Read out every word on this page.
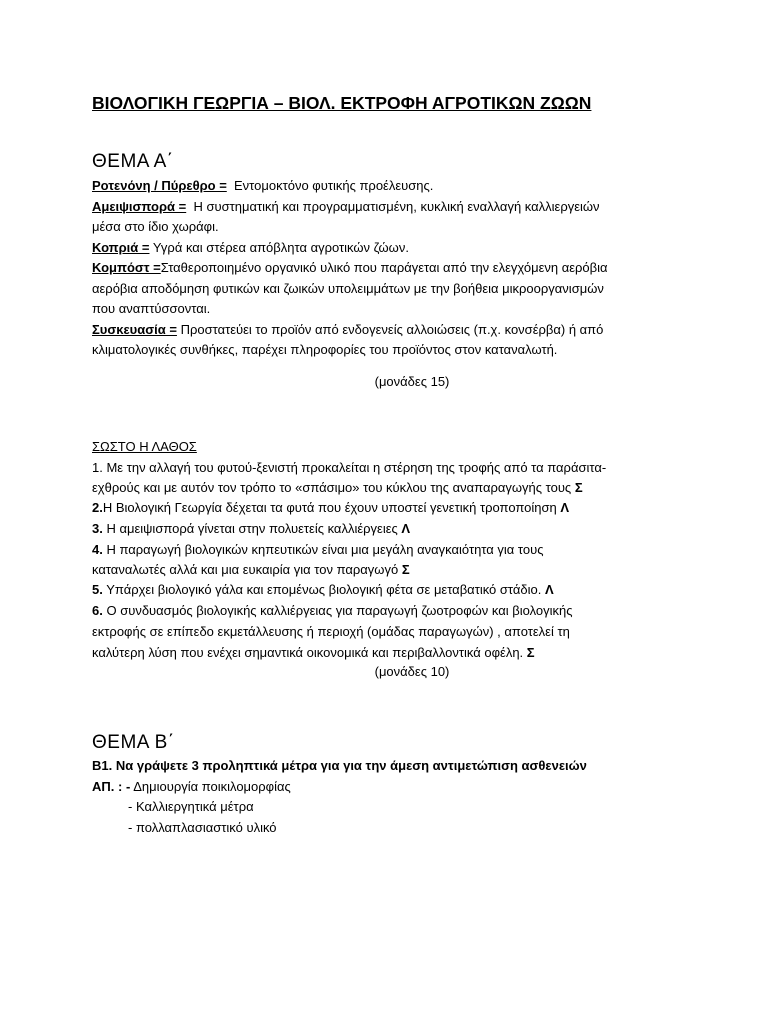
ΒΙΟΛΟΓΙΚΗ ΓΕΩΡΓΙΑ – ΒΙΟΛ. ΕΚΤΡΟΦΗ ΑΓΡΟΤΙΚΩΝ ΖΩΩΝ
ΘΕΜΑ Α΄
Ροτενόνη / Πύρεθρο = Εντομοκτόνο φυτικής προέλευσης.
Αμειψισπορά = Η συστηματική και προγραμματισμένη, κυκλική εναλλαγή καλλιεργειών
μέσα στο ίδιο χωράφι.
Κοπριά = Υγρά και στέρεα απόβλητα αγροτικών ζώων.
Κομπόστ =Σταθεροποιημένο οργανικό υλικό που παράγεται από την ελεγχόμενη αερόβια
αερόβια αποδόμηση φυτικών και ζωικών υπολειμμάτων με την βοήθεια μικροοργανισμών
που αναπτύσσονται.
Συσκευασία = Προστατεύει το προϊόν από ενδογενείς αλλοιώσεις (π.χ. κονσέρβα) ή από
κλιματολογικές συνθήκες, παρέχει πληροφορίες του προϊόντος στον καταναλωτή.
(μονάδες 15)
ΣΩΣΤΟ Η ΛΑΘΟΣ
1. Με την αλλαγή του φυτού-ξενιστή προκαλείται η στέρηση της τροφής από τα παράσιτα-
εχθρούς και με αυτόν τον τρόπο το «σπάσιμο» του κύκλου της αναπαραγωγής τους Σ
2.Η Βιολογική Γεωργία δέχεται τα φυτά που έχουν υποστεί γενετική τροποποίηση Λ
3. Η αμειψισπορά γίνεται στην πολυετείς καλλιέργειες Λ
4. Η παραγωγή βιολογικών κηπευτικών είναι μια μεγάλη αναγκαιότητα για τους
καταναλωτές αλλά και μια ευκαιρία για τον παραγωγό Σ
5. Υπάρχει βιολογικό γάλα και επομένως βιολογική φέτα σε μεταβατικό στάδιο. Λ
6. Ο συνδυασμός βιολογικής καλλιέργειας για παραγωγή ζωοτροφών και βιολογικής
εκτροφής σε επίπεδο εκμετάλλευσης ή περιοχή (ομάδας παραγωγών) , αποτελεί τη
καλύτερη λύση που ενέχει σημαντικά οικονομικά και περιβαλλοντικά οφέλη. Σ
(μονάδες 10)
ΘΕΜΑ Β΄
Β1. Να γράψετε 3 προληπτικά μέτρα για για την άμεση αντιμετώπιση ασθενειών
ΑΠ. : - Δημιουργία ποικιλομορφίας
- Καλλιεργητικά μέτρα
- πολλαπλασιαστικό υλικό
